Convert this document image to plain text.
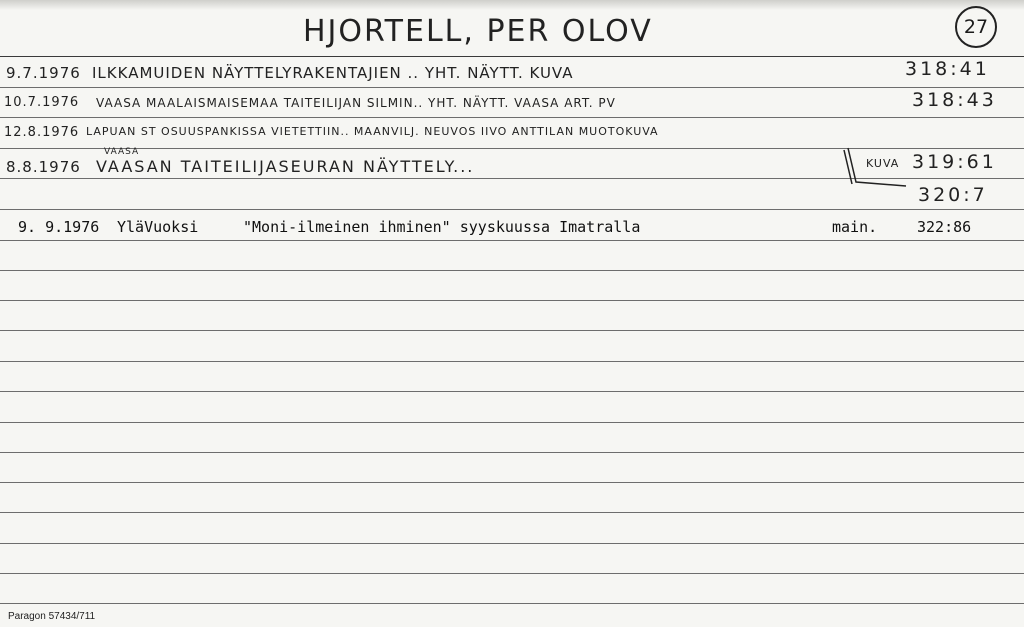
HJORTELL, PER OLOV	27
9.7.1976 ILKKAMUIDEN NÄYTTELYRAKENTAJIEN .. YHT. NÄYTT. KUVA	318:41
10.7.1976 VAASA MAALAISMAISEMAA TAITEILIJAN SILMIN.. YHT. NÄYTT. VAASA ART. PV	318:43
12.8.1976 LAPUAN ST OSUUSPANKISSA VIETETTIIN.. MAANVILJ. NEUVOS IIVO ANTTILAN MUOTOKUVA
VAASA
8.8.1976 VAASAN TAITEILIJASEURAN NÄYTTELY...	KUVA 319:61
320:7
9. 9.1976 YläVuoksi	"Moni-ilmeinen ihminen" syyskuussa Imatralla	main.	322:86
Paragon 57434/711
